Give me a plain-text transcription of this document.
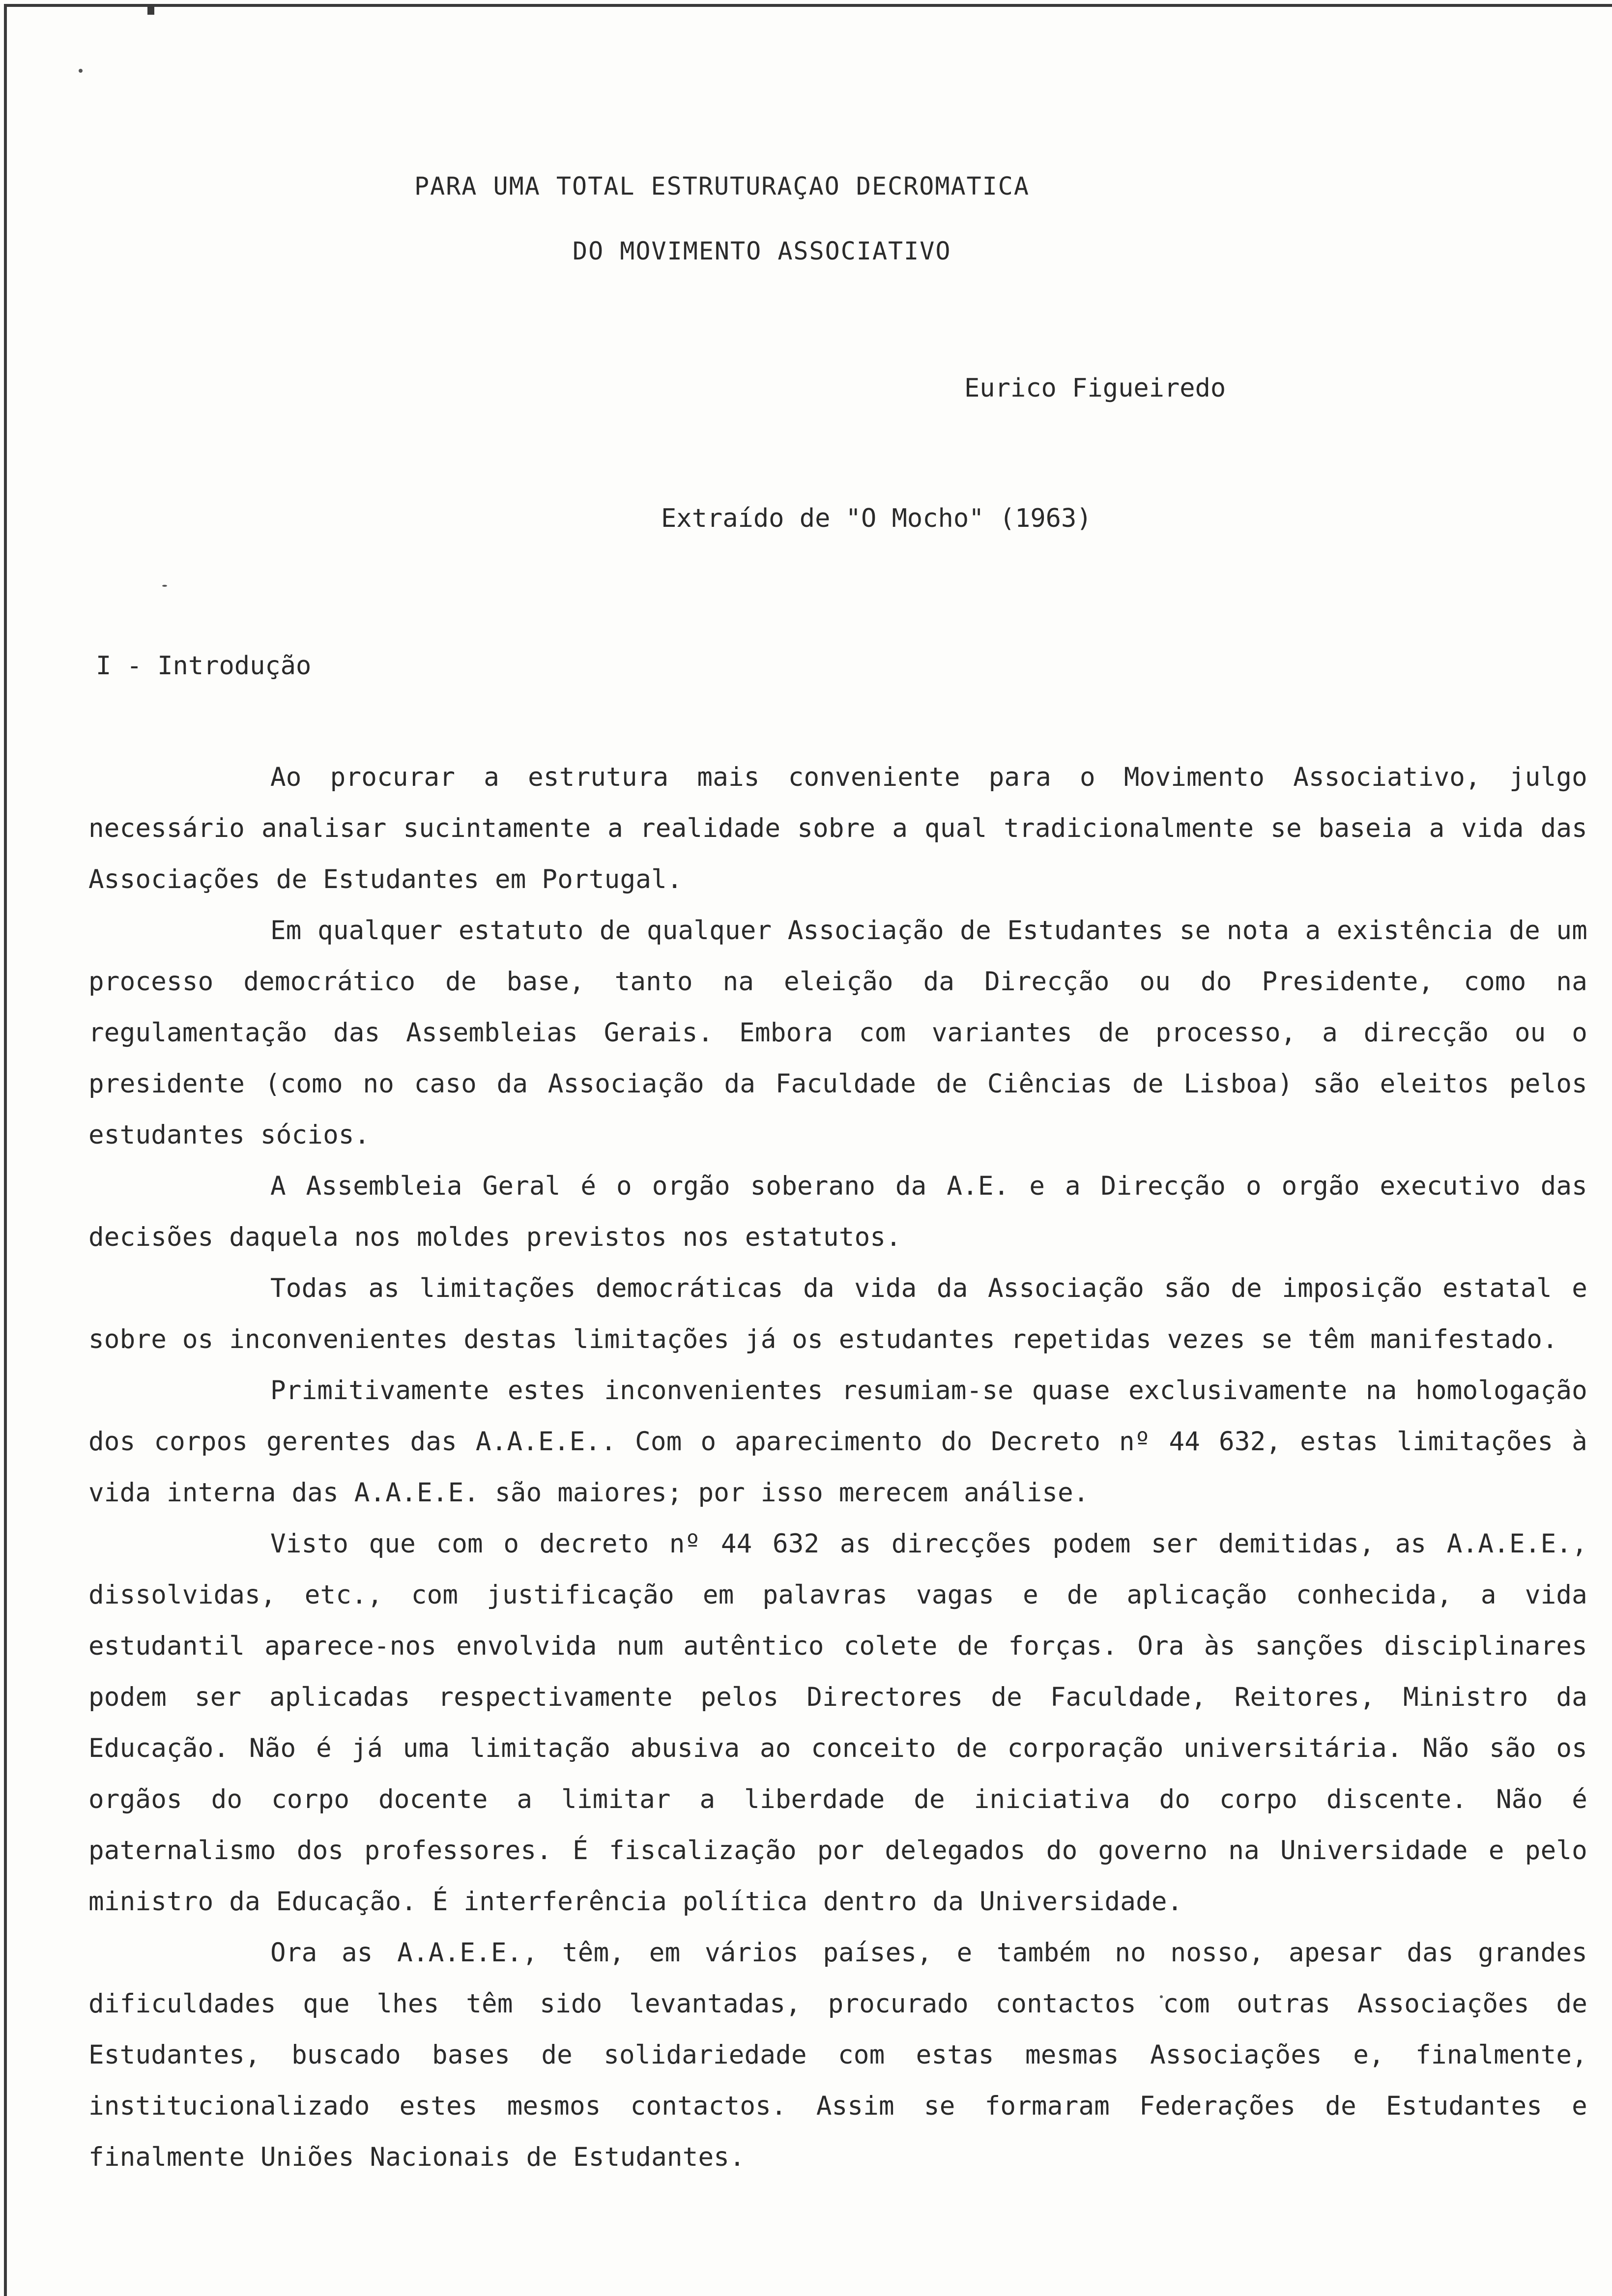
PARA UMA TOTAL ESTRUTURAÇAO DECROMATICA
DO MOVIMENTO ASSOCIATIVO
Eurico Figueiredo
Extraído de "O Mocho" (1963)
I - Introdução

Ao procurar a estrutura mais conveniente para o Movimento Associativo, julgo necessário analisar sucintamente a realidade sobre a qual tradicionalmente se baseia a vida das Associações de Estudantes em Portugal.

Em qualquer estatuto de qualquer Associação de Estudantes se nota a existência de um processo democrático de base, tanto na eleição da Direcção ou do Presidente, como na regulamentação das Assembleias Gerais. Embora com variantes de processo, a direcção ou o presidente (como no caso da Associação da Faculdade de Ciências de Lisboa) são eleitos pelos estudantes sócios.

A Assembleia Geral é o orgão soberano da A.E. e a Direcção o orgão executivo das decisões daquela nos moldes previstos nos estatutos.

Todas as limitações democráticas da vida da Associação são de imposição estatal e sobre os inconvenientes destas limitações já os estudantes repetidas vezes se têm manifestado.

Primitivamente estes inconvenientes resumiam-se quase exclusivamente na homologação dos corpos gerentes das A.A.E.E.. Com o aparecimento do Decreto nº 44 632, estas limitações à vida interna das A.A.E.E. são maiores; por isso merecem análise.

Visto que com o decreto nº 44 632 as direcções podem ser demitidas, as A.A.E.E., dissolvidas, etc., com justificação em palavras vagas e de aplicação conhecida, a vida estudantil aparece-nos envolvida num autêntico colete de forças. Ora às sanções disciplinares podem ser aplicadas respectivamente pelos Directores de Faculdade, Reitores, Ministro da Educação. Não é já uma limitação abusiva ao conceito de corporação universitária. Não são os orgãos do corpo docente a limitar a liberdade de iniciativa do corpo discente. Não é paternalismo dos professores. É fiscalização por delegados do governo na Universidade e pelo ministro da Educação. É interferência política dentro da Universidade.

Ora as A.A.E.E., têm, em vários países, e também no nosso, apesar das grandes dificuldades que lhes têm sido levantadas, procurado contactos com outras Associações de Estudantes, buscado bases de solidariedade com estas mesmas Associações e, finalmente, institucionalizado estes mesmos contactos. Assim se formaram Federações de Estudantes e finalmente Uniões Nacionais de Estudantes.
